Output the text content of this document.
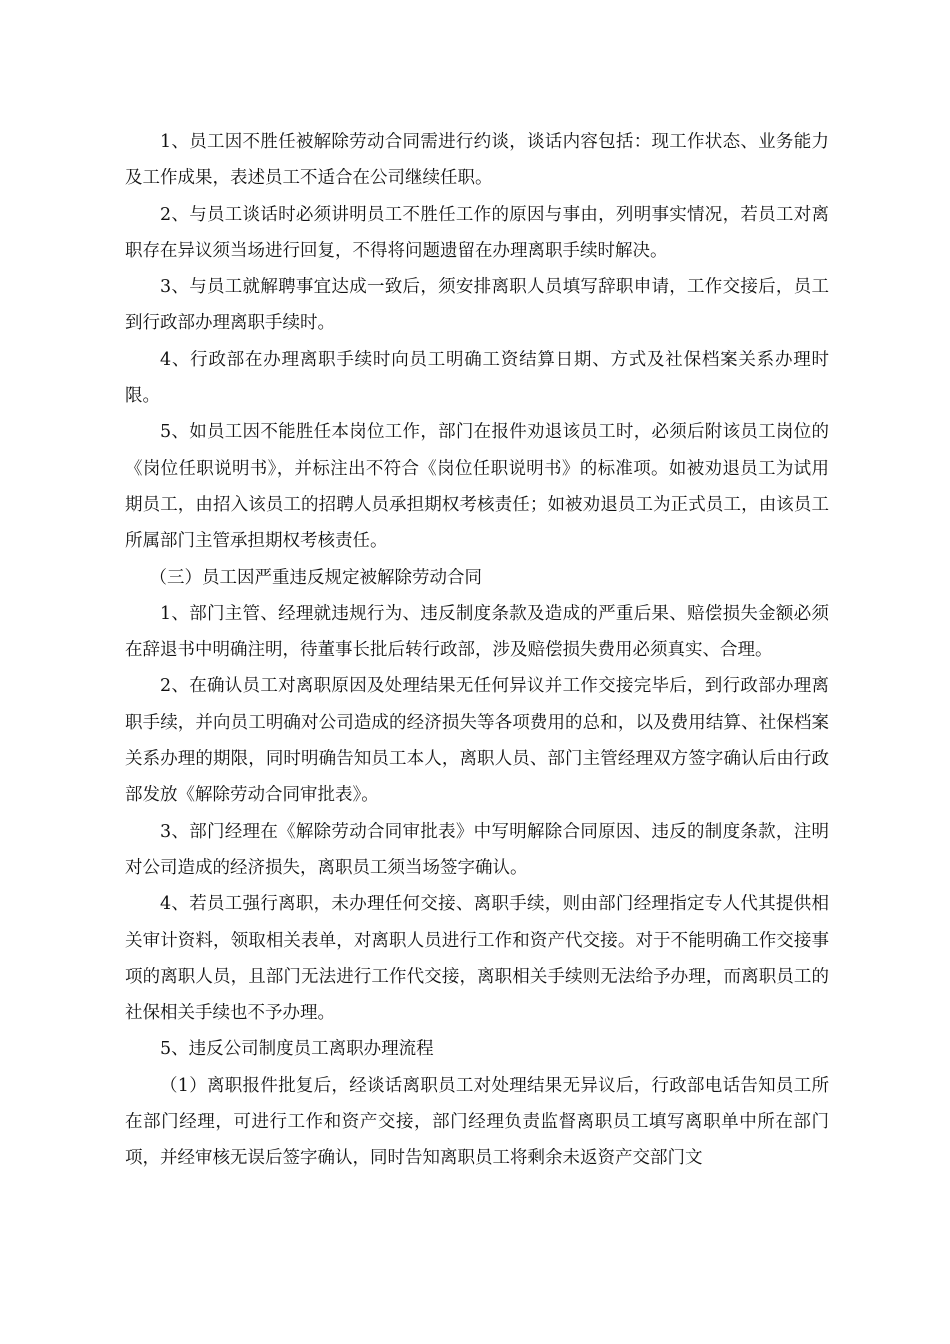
1、员工因不胜任被解除劳动合同需进行约谈，谈话内容包括：现工作状态、业务能力及工作成果，表述员工不适合在公司继续任职。

2、与员工谈话时必须讲明员工不胜任工作的原因与事由，列明事实情况，若员工对离职存在异议须当场进行回复，不得将问题遗留在办理离职手续时解决。

3、与员工就解聘事宜达成一致后，须安排离职人员填写辞职申请，工作交接后，员工到行政部办理离职手续时。

4、行政部在办理离职手续时向员工明确工资结算日期、方式及社保档案关系办理时限。

5、如员工因不能胜任本岗位工作，部门在报件劝退该员工时，必须后附该员工岗位的《岗位任职说明书》，并标注出不符合《岗位任职说明书》的标准项。如被劝退员工为试用期员工，由招入该员工的招聘人员承担期权考核责任；如被劝退员工为正式员工，由该员工所属部门主管承担期权考核责任。

（三）员工因严重违反规定被解除劳动合同

1、部门主管、经理就违规行为、违反制度条款及造成的严重后果、赔偿损失金额必须在辞退书中明确注明，待董事长批后转行政部，涉及赔偿损失费用必须真实、合理。

2、在确认员工对离职原因及处理结果无任何异议并工作交接完毕后，到行政部办理离职手续，并向员工明确对公司造成的经济损失等各项费用的总和，以及费用结算、社保档案关系办理的期限，同时明确告知员工本人，离职人员、部门主管经理双方签字确认后由行政部发放《解除劳动合同审批表》。

3、部门经理在《解除劳动合同审批表》中写明解除合同原因、违反的制度条款，注明对公司造成的经济损失，离职员工须当场签字确认。

4、若员工强行离职，未办理任何交接、离职手续，则由部门经理指定专人代其提供相关审计资料，领取相关表单，对离职人员进行工作和资产代交接。对于不能明确工作交接事项的离职人员，且部门无法进行工作代交接，离职相关手续则无法给予办理，而离职员工的社保相关手续也不予办理。

5、违反公司制度员工离职办理流程

（1）离职报件批复后，经谈话离职员工对处理结果无异议后，行政部电话告知员工所在部门经理，可进行工作和资产交接，部门经理负责监督离职员工填写离职单中所在部门项，并经审核无误后签字确认，同时告知离职员工将剩余未返资产交部门文
